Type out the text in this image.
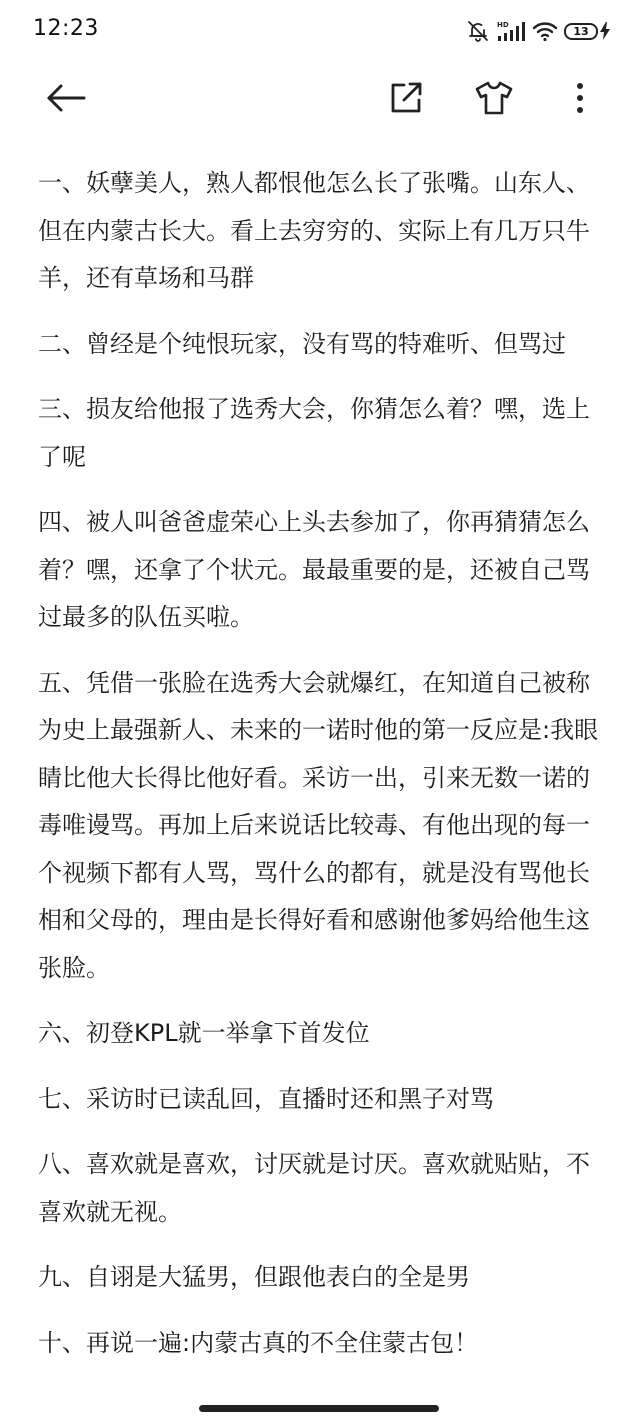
12:23	HD	13

一、妖孽美人，熟人都恨他怎么长了张嘴。山东人、但在内蒙古长大。看上去穷穷的、实际上有几万只牛羊，还有草场和马群

二、曾经是个纯恨玩家，没有骂的特难听、但骂过

三、损友给他报了选秀大会，你猜怎么着？嘿，选上了呢

四、被人叫爸爸虚荣心上头去参加了，你再猜猜怎么着？嘿，还拿了个状元。最最重要的是，还被自己骂过最多的队伍买啦。

五、凭借一张脸在选秀大会就爆红，在知道自己被称为史上最强新人、未来的一诺时他的第一反应是:我眼睛比他大长得比他好看。采访一出，引来无数一诺的毒唯谩骂。再加上后来说话比较毒、有他出现的每一个视频下都有人骂，骂什么的都有，就是没有骂他长相和父母的，理由是长得好看和感谢他爹妈给他生这张脸。

六、初登KPL就一举拿下首发位

七、采访时已读乱回，直播时还和黑子对骂

八、喜欢就是喜欢，讨厌就是讨厌。喜欢就贴贴，不喜欢就无视。

九、自诩是大猛男，但跟他表白的全是男

十、再说一遍:内蒙古真的不全住蒙古包！
